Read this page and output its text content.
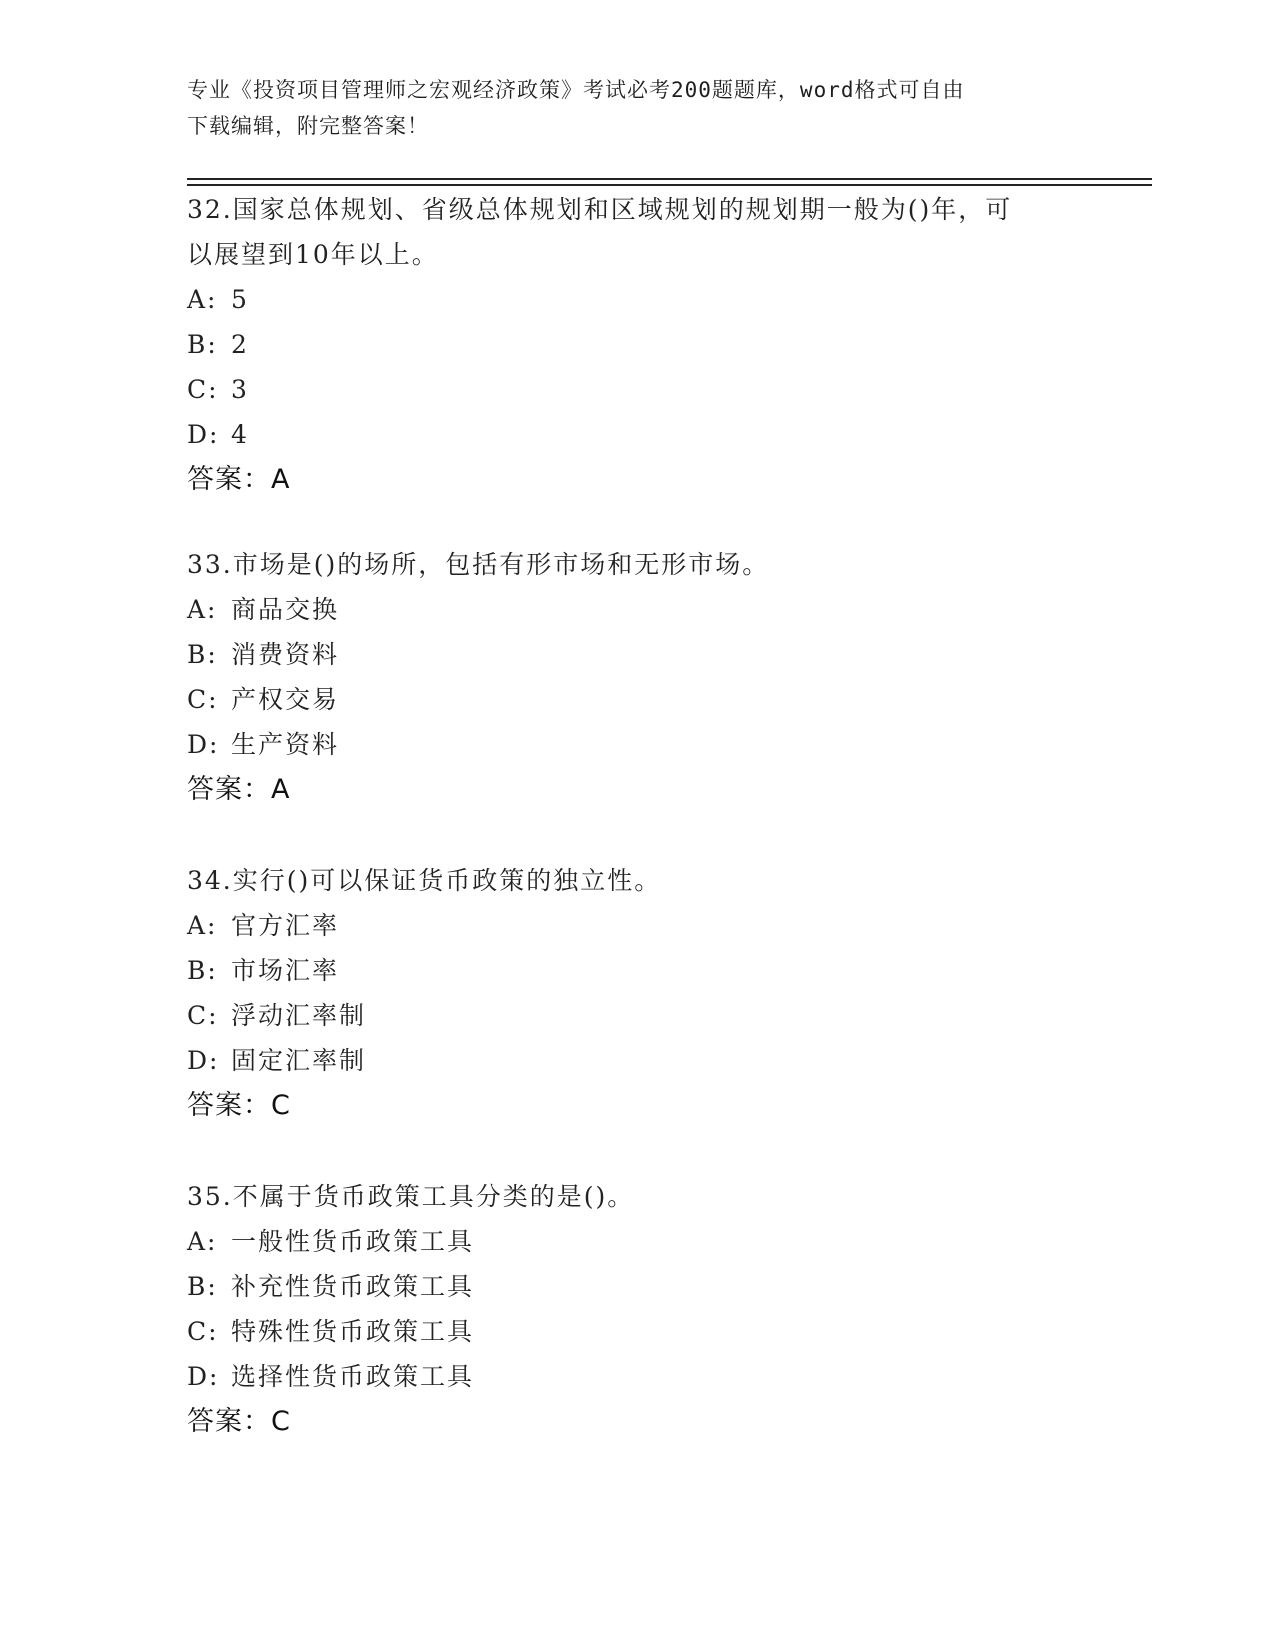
专业《投资项目管理师之宏观经济政策》考试必考200题题库，word格式可自由
下载编辑，附完整答案！
32.国家总体规划、省级总体规划和区域规划的规划期一般为()年，可
以展望到10年以上。
A: 5
B: 2
C: 3
D: 4
答案：A
33.市场是()的场所，包括有形市场和无形市场。
A: 商品交换
B: 消费资料
C: 产权交易
D: 生产资料
答案：A
34.实行()可以保证货币政策的独立性。
A: 官方汇率
B: 市场汇率
C: 浮动汇率制
D: 固定汇率制
答案：C
35.不属于货币政策工具分类的是()。
A: 一般性货币政策工具
B: 补充性货币政策工具
C: 特殊性货币政策工具
D: 选择性货币政策工具
答案：C
